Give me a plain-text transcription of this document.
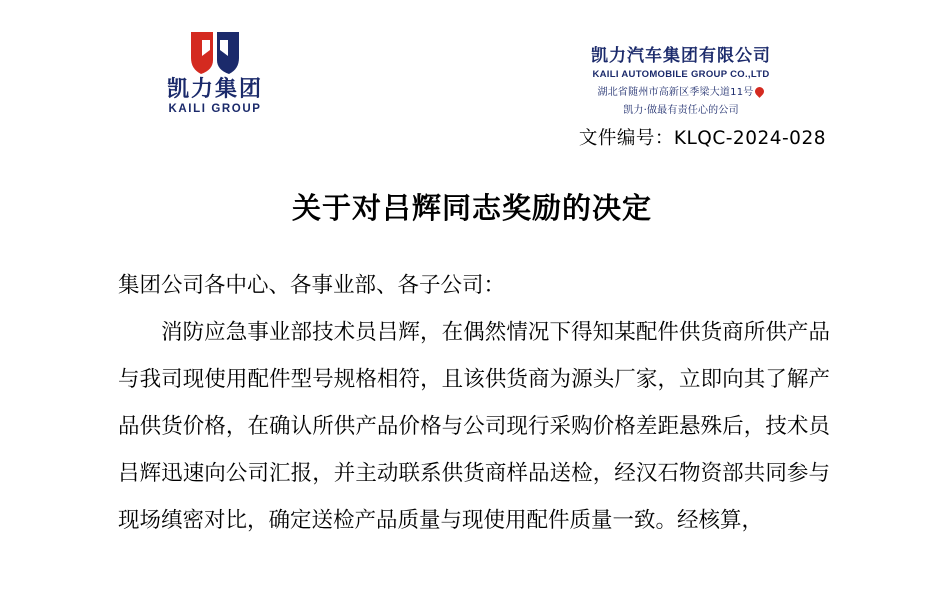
凯力集团
KAILI GROUP
凯力汽车集团有限公司
KAILI AUTOMOBILE GROUP CO.,LTD
湖北省随州市高新区季梁大道11号
凯力·做最有责任心的公司
文件编号：KLQC-2024-028
关于对吕辉同志奖励的决定

集团公司各中心、各事业部、各子公司：

消防应急事业部技术员吕辉，在偶然情况下得知某配件供货商所供产品与我司现使用配件型号规格相符，且该供货商为源头厂家，立即向其了解产品供货价格，在确认所供产品价格与公司现行采购价格差距悬殊后，技术员吕辉迅速向公司汇报，并主动联系供货商样品送检，经汉石物资部共同参与现场缜密对比，确定送检产品质量与现使用配件质量一致。经核算，
